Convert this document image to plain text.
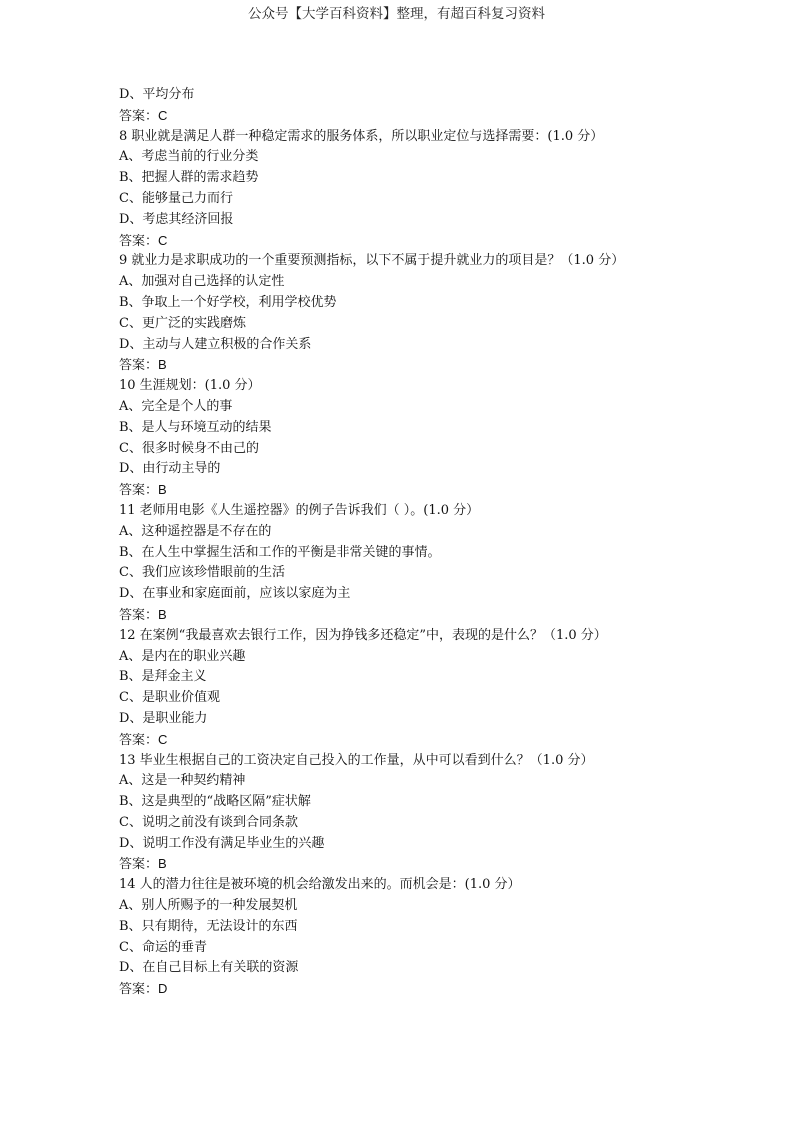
公众号【大学百科资料】整理，有超百科复习资料
D、平均分布
答案：C
8 职业就是满足人群一种稳定需求的服务体系，所以职业定位与选择需要：(1.0 分）
A、考虑当前的行业分类
B、把握人群的需求趋势
C、能够量己力而行
D、考虑其经济回报
答案：C
9 就业力是求职成功的一个重要预测指标，以下不属于提升就业力的项目是？（1.0 分）
A、加强对自己选择的认定性
B、争取上一个好学校，利用学校优势
C、更广泛的实践磨炼
D、主动与人建立积极的合作关系
答案：B
10 生涯规划：(1.0 分）
A、完全是个人的事
B、是人与环境互动的结果
C、很多时候身不由己的
D、由行动主导的
答案：B
11 老师用电影《人生遥控器》的例子告诉我们（ ）。(1.0 分）
A、这种遥控器是不存在的
B、在人生中掌握生活和工作的平衡是非常关键的事情。
C、我们应该珍惜眼前的生活
D、在事业和家庭面前，应该以家庭为主
答案：B
12 在案例“我最喜欢去银行工作，因为挣钱多还稳定”中，表现的是什么？（1.0 分）
A、是内在的职业兴趣
B、是拜金主义
C、是职业价值观
D、是职业能力
答案：C
13 毕业生根据自己的工资决定自己投入的工作量，从中可以看到什么？（1.0 分）
A、这是一种契约精神
B、这是典型的“战略区隔”症状解
C、说明之前没有谈到合同条款
D、说明工作没有满足毕业生的兴趣
答案：B
14 人的潜力往往是被环境的机会给激发出来的。而机会是：(1.0 分）
A、别人所赐予的一种发展契机
B、只有期待，无法设计的东西
C、命运的垂青
D、在自己目标上有关联的资源
答案：D
